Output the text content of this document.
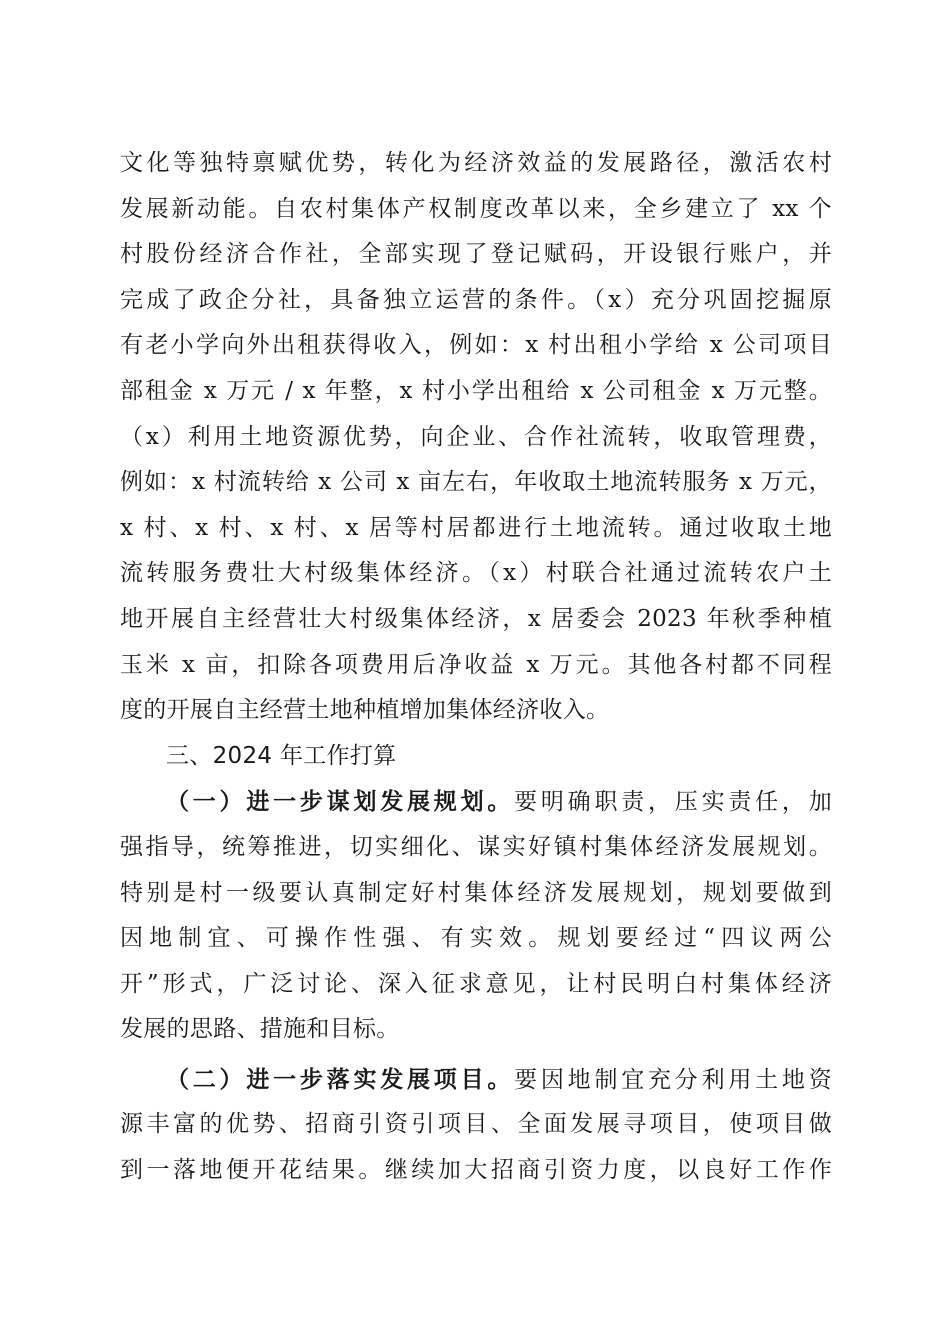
文化等独特禀赋优势，转化为经济效益的发展路径，激活农村
发展新动能。自农村集体产权制度改革以来，全乡建立了 xx 个
村股份经济合作社，全部实现了登记赋码，开设银行账户，并
完成了政企分社，具备独立运营的条件。（x）充分巩固挖掘原
有老小学向外出租获得收入，例如：x 村出租小学给 x 公司项目
部租金 x 万元 / x 年整，x 村小学出租给 x 公司租金 x 万元整。
（x）利用土地资源优势，向企业、合作社流转，收取管理费，
例如：x 村流转给 x 公司 x 亩左右，年收取土地流转服务 x 万元，
x 村、x 村、x 村、x 居等村居都进行土地流转。通过收取土地
流转服务费壮大村级集体经济。（x）村联合社通过流转农户土
地开展自主经营壮大村级集体经济，x 居委会 2023 年秋季种植
玉米 x 亩，扣除各项费用后净收益 x 万元。其他各村都不同程
度的开展自主经营土地种植增加集体经济收入。
三、2024 年工作打算
（一）进一步谋划发展规划。要明确职责，压实责任，加
强指导，统筹推进，切实细化、谋实好镇村集体经济发展规划。
特别是村一级要认真制定好村集体经济发展规划，规划要做到
因地制宜、可操作性强、有实效。规划要经过“四议两公
开”形式，广泛讨论、深入征求意见，让村民明白村集体经济
发展的思路、措施和目标。
（二）进一步落实发展项目。要因地制宜充分利用土地资
源丰富的优势、招商引资引项目、全面发展寻项目，使项目做
到一落地便开花结果。继续加大招商引资力度，以良好工作作
